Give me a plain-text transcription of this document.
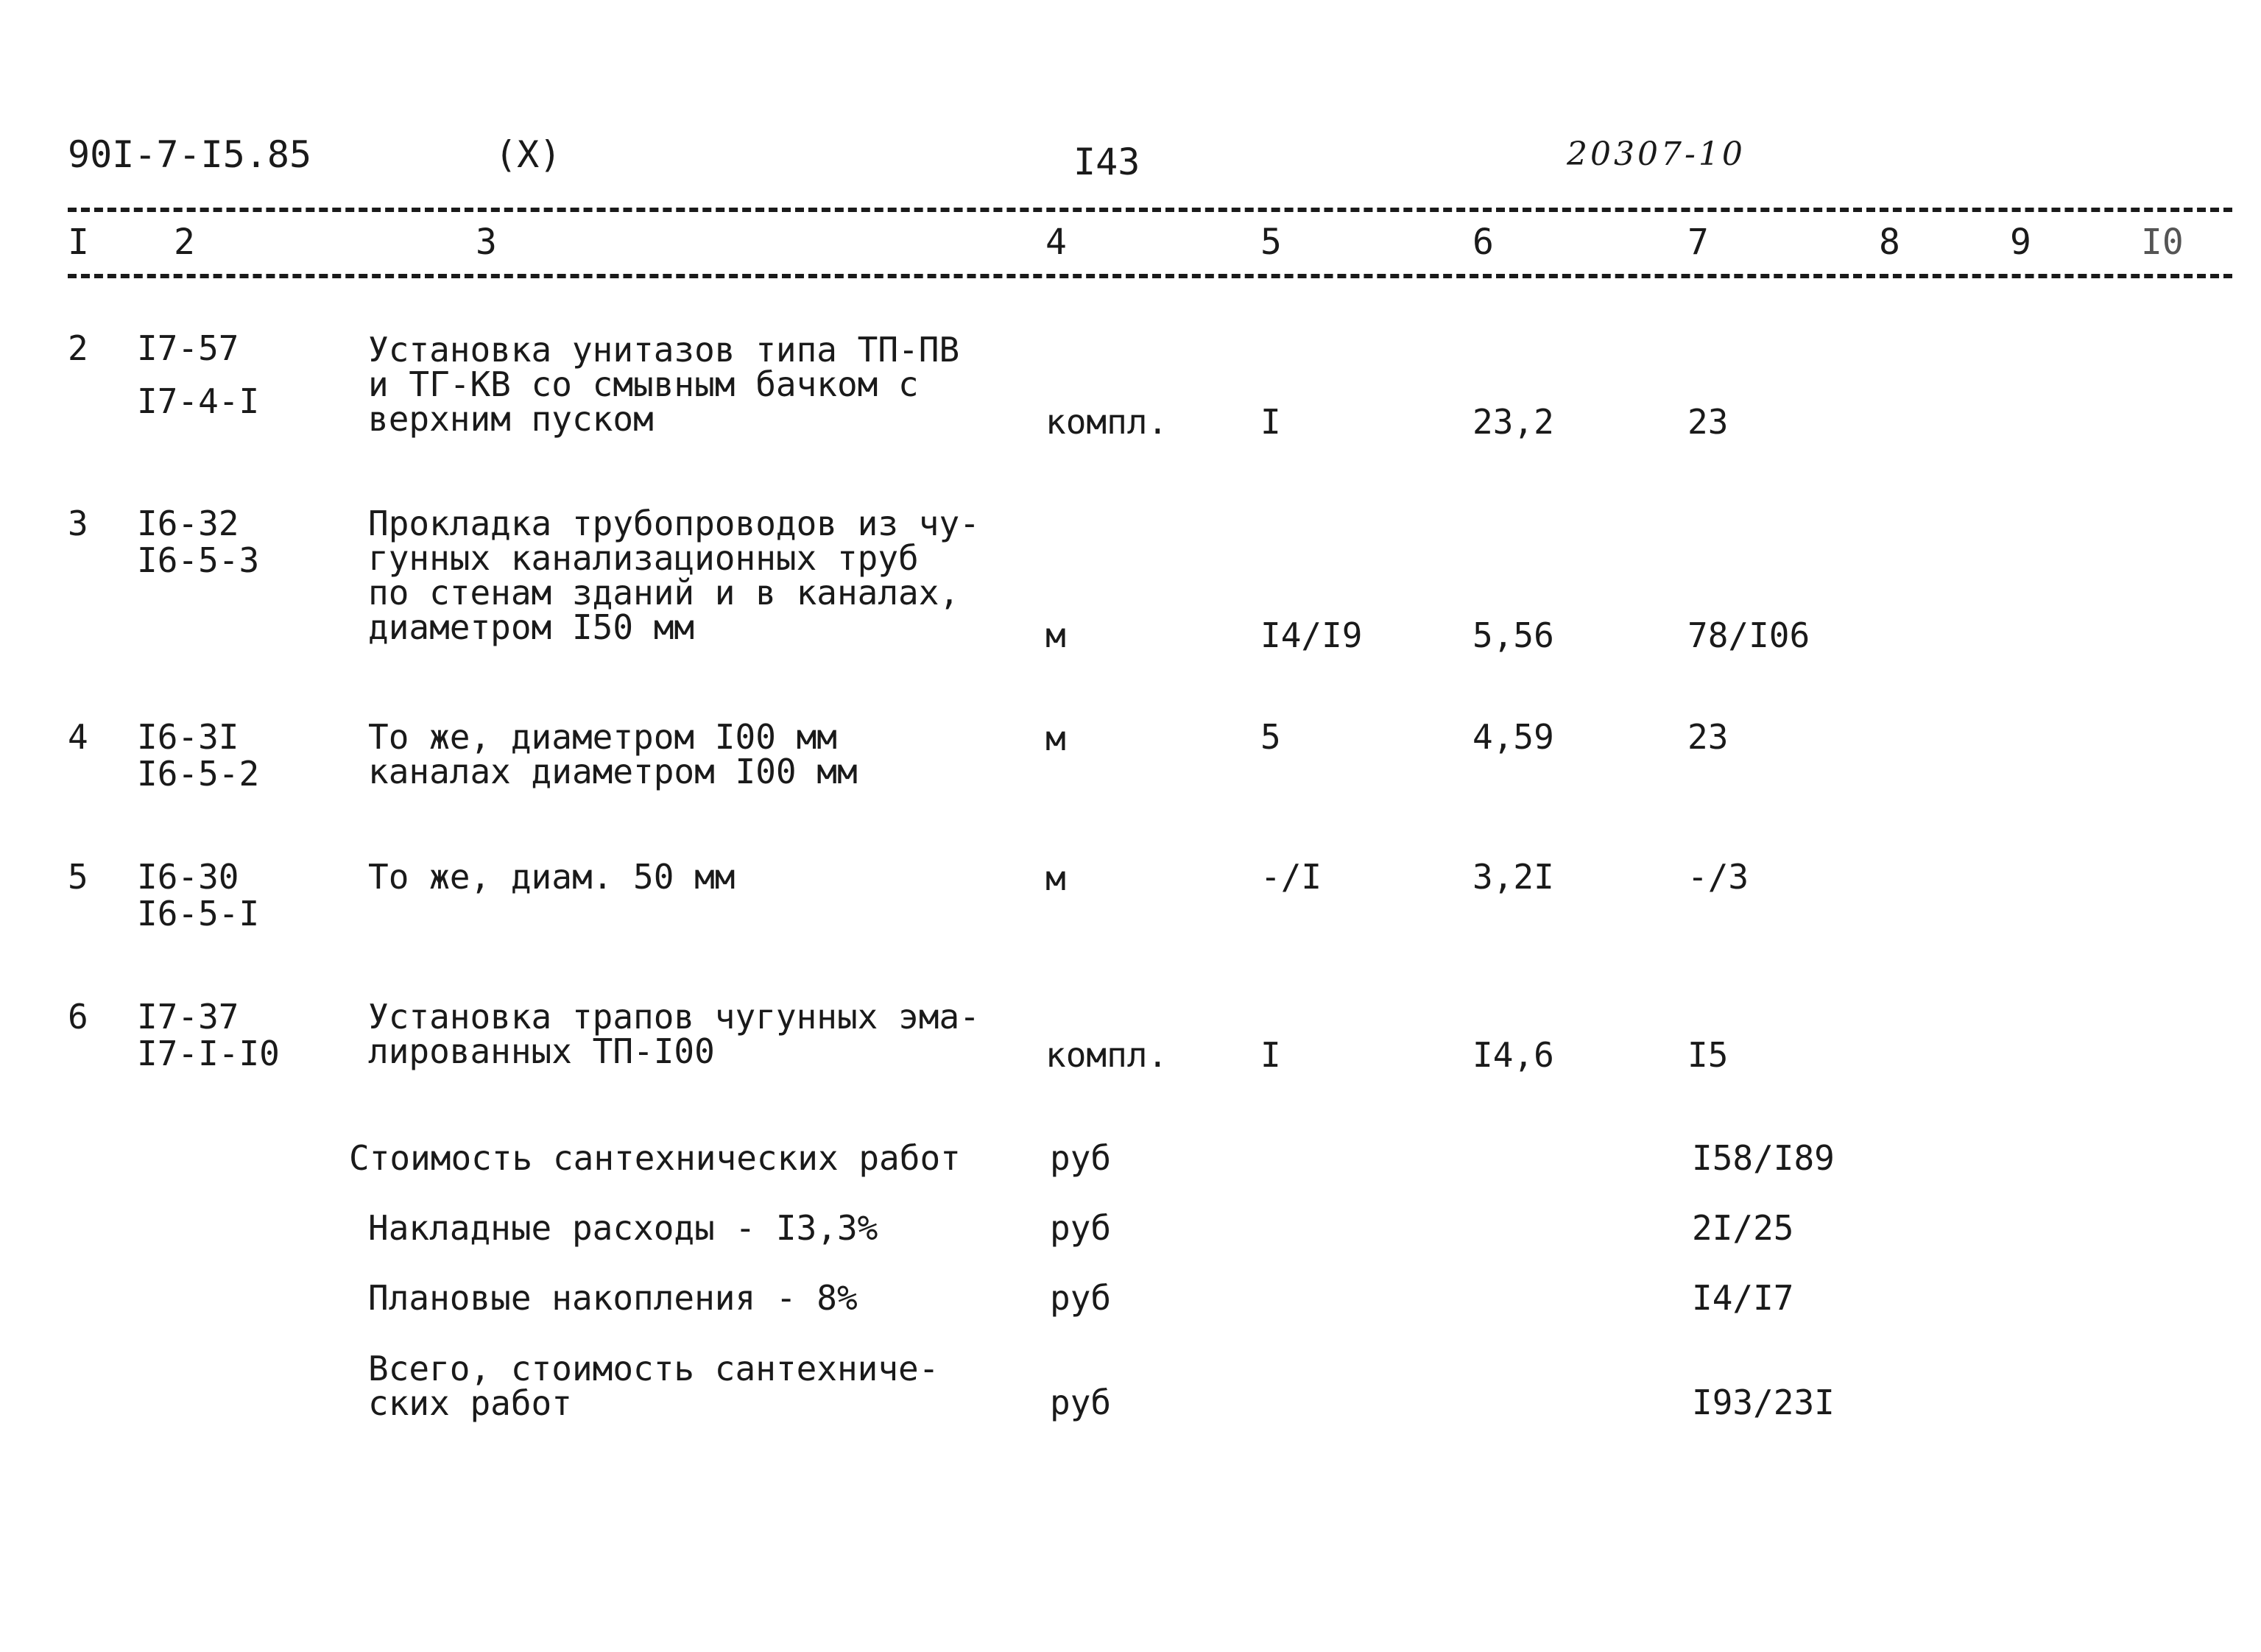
90I-7-I5.85	(X)	I43	20307-10
I 2	3	4	5	6	7	8	9	I0
2 I7-57
I7-4-I
Установка унитазов типа ТП-ПВ
и ТГ-КВ со смывным бачком с
верхним пуском	компл.	I	23,2	23
3 I6-32
I6-5-3
Прокладка трубопроводов из чу-
гунных канализационных труб
по стенам зданий и в каналах,
диаметром I50 мм	м	I4/I9	5,56	78/I06
4 I6-3I
I6-5-2
То же, диаметром I00 мм
каналах диаметром I00 мм
м	5	4,59	23
5 I6-30
I6-5-I
То же, диам. 50 мм	м	-/I	3,2I	-/3
6 I7-37
I7-I-I0
Установка трапов чугунных эма-
лированных ТП-I00	компл.	I	I4,6	I5
Стоимость сантехнических работ	руб	I58/I89
Накладные расходы - I3,3%	руб	2I/25
Плановые накопления - 8%	руб	I4/I7
Всего, стоимость сантехниче-
ских работ	руб	I93/23I
